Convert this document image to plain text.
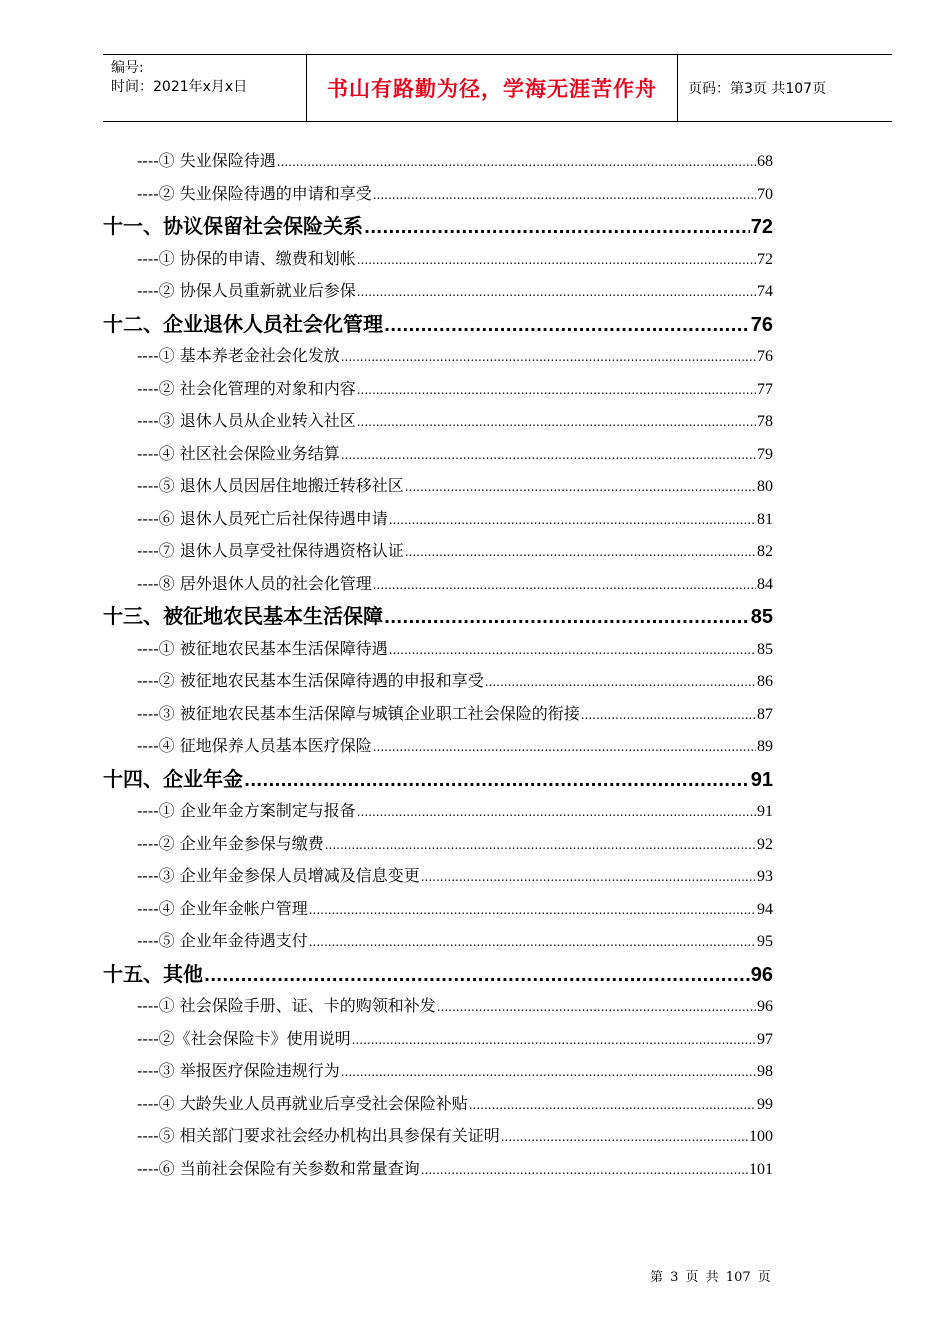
编号:
时间：2021年x月x日	书山有路勤为径，学海无涯苦作舟	页码：第3页 共107页
----① 失业保险待遇 .....	68
----② 失业保险待遇的申请和享受 .....	70
十一、协议保留社会保险关系 .....	72
----① 协保的申请、缴费和划帐 .....	72
----② 协保人员重新就业后参保 .....	74
十二、企业退休人员社会化管理 .....	76
----① 基本养老金社会化发放 .....	76
----② 社会化管理的对象和内容 .....	77
----③ 退休人员从企业转入社区 .....	78
----④ 社区社会保险业务结算 .....	79
----⑤ 退休人员因居住地搬迁转移社区 .....	80
----⑥ 退休人员死亡后社保待遇申请 .....	81
----⑦ 退休人员享受社保待遇资格认证 .....	82
----⑧ 居外退休人员的社会化管理 .....	84
十三、被征地农民基本生活保障 .....	85
----① 被征地农民基本生活保障待遇 .....	85
----② 被征地农民基本生活保障待遇的申报和享受 .....	86
----③ 被征地农民基本生活保障与城镇企业职工社会保险的衔接 .....	87
----④ 征地保养人员基本医疗保险 .....	89
十四、企业年金 .....	91
----① 企业年金方案制定与报备 .....	91
----② 企业年金参保与缴费 .....	92
----③ 企业年金参保人员增减及信息变更 .....	93
----④ 企业年金帐户管理 .....	94
----⑤ 企业年金待遇支付 .....	95
十五、其他 .....	96
----① 社会保险手册、证、卡的购领和补发 .....	96
----②《社会保险卡》使用说明 .....	97
----③ 举报医疗保险违规行为 .....	98
----④ 大龄失业人员再就业后享受社会保险补贴 .....	99
----⑤ 相关部门要求社会经办机构出具参保有关证明 .....	100
----⑥ 当前社会保险有关参数和常量查询 .....	101
第 3 页 共 107 页
